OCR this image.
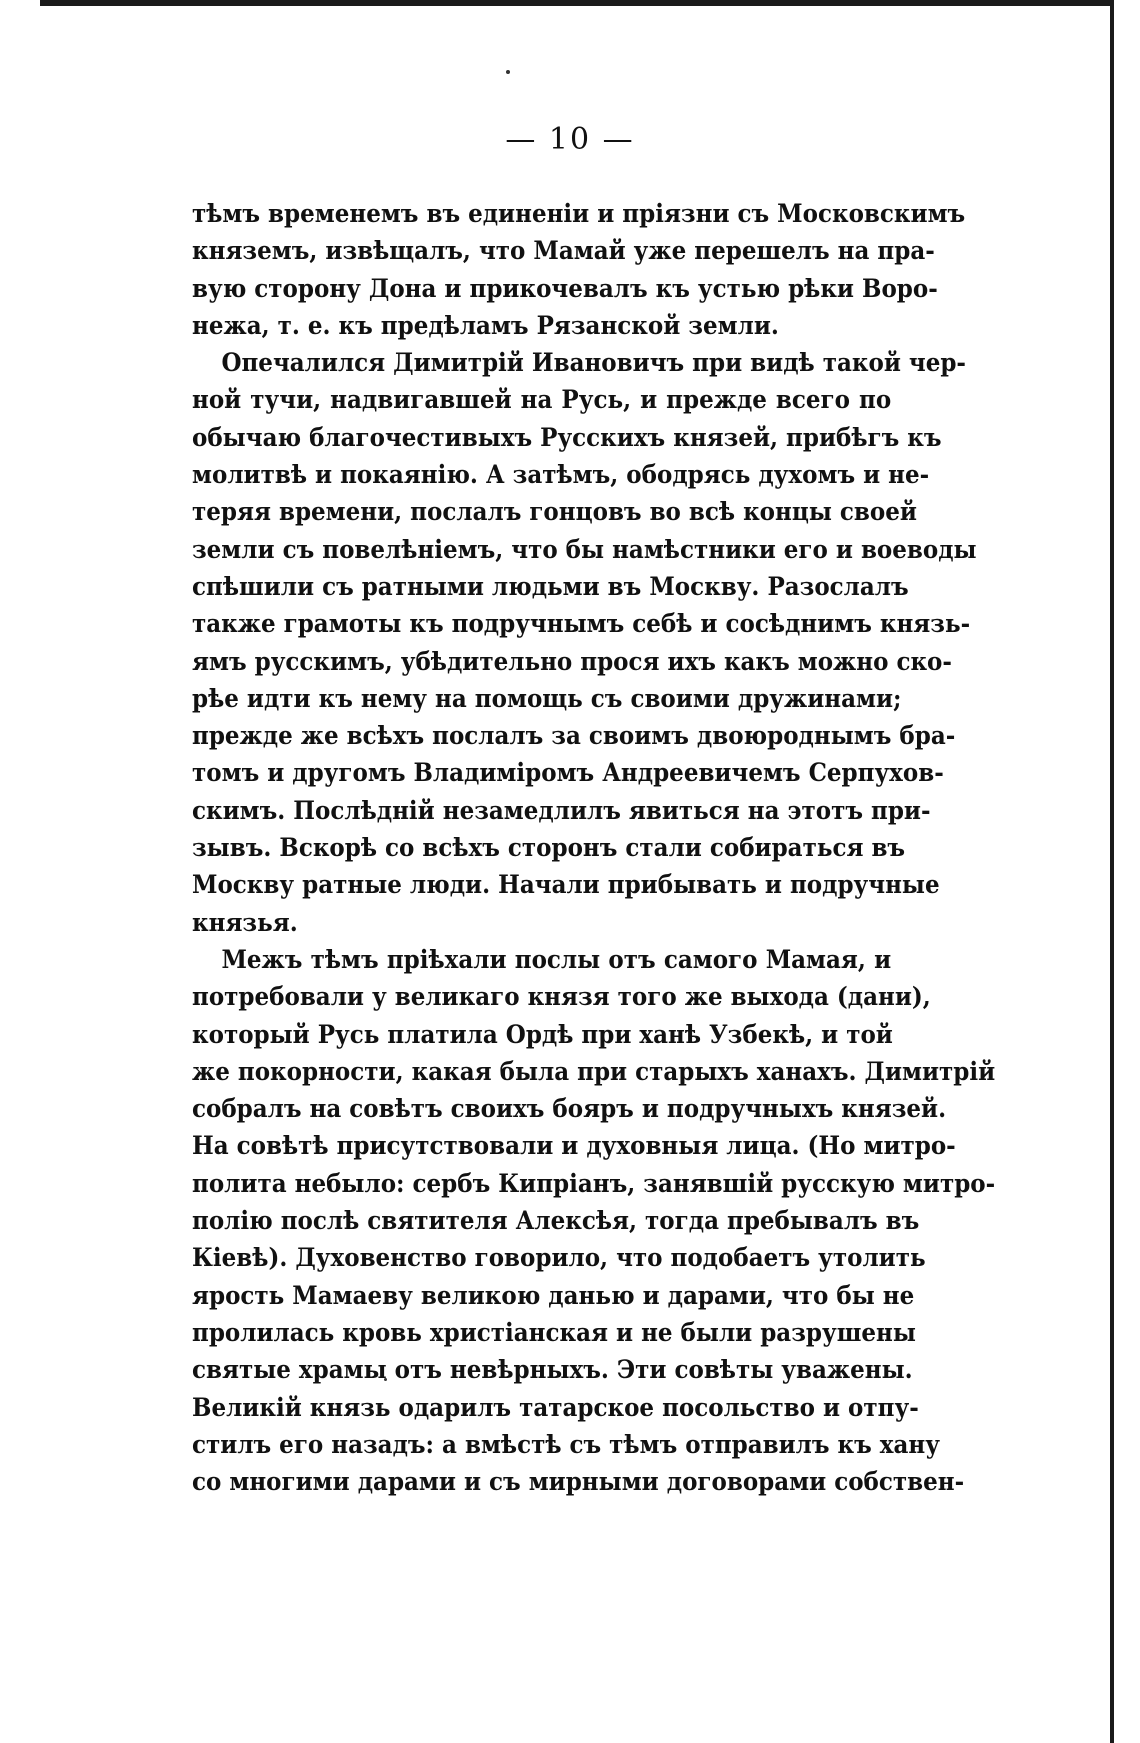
— 10 —
тѣмъ временемъ въ единеніи и пріязни съ Московскимъ
княземъ, извѣщалъ, что Мамай уже перешелъ на пра-
вую сторону Дона и прикочевалъ къ устью рѣки Воро-
нежа, т. е. къ предѣламъ Рязанской земли.
Опечалился Димитрій Ивановичъ при видѣ такой чер-
ной тучи, надвигавшей на Русь, и прежде всего по
обычаю благочестивыхъ Русскихъ князей, прибѣгъ къ
молитвѣ и покаянію. А затѣмъ, ободрясь духомъ и не-
теряя времени, послалъ гонцовъ во всѣ концы своей
земли съ повелѣніемъ, что бы намѣстники его и воеводы
спѣшили съ ратными людьми въ Москву. Разослалъ
также грамоты къ подручнымъ себѣ и сосѣднимъ князь-
ямъ русскимъ, убѣдительно прося ихъ какъ можно ско-
рѣе идти къ нему на помощь съ своими дружинами;
прежде же всѣхъ послалъ за своимъ двоюроднымъ бра-
томъ и другомъ Владиміромъ Андреевичемъ Серпухов-
скимъ. Послѣдній незамедлилъ явиться на этотъ при-
зывъ. Вскорѣ со всѣхъ сторонъ стали собираться въ
Москву ратные люди. Начали прибывать и подручные
князья.
Межъ тѣмъ пріѣхали послы отъ самого Мамая, и
потребовали у великаго князя того же выхода (дани),
который Русь платила Ордѣ при ханѣ Узбекѣ, и той
же покорности, какая была при старыхъ ханахъ. Димитрій
собралъ на совѣтъ своихъ бояръ и подручныхъ князей.
На совѣтѣ присутствовали и духовныя лица. (Но митро-
полита небыло: сербъ Кипріанъ, занявшій русскую митро-
полію послѣ святителя Алексѣя, тогда пребывалъ въ
Кіевѣ). Духовенство говорило, что подобаетъ утолить
ярость Мамаеву великою данью и дарами, что бы не
пролилась кровь христіанская и не были разрушены
святые храмы отъ невѣрныхъ. Эти совѣты уважены.
Великій князь одарилъ татарское посольство и отпу-
стилъ его назадъ: а вмѣстѣ съ тѣмъ отправилъ къ хану
со многими дарами и съ мирными договорами собствен-
